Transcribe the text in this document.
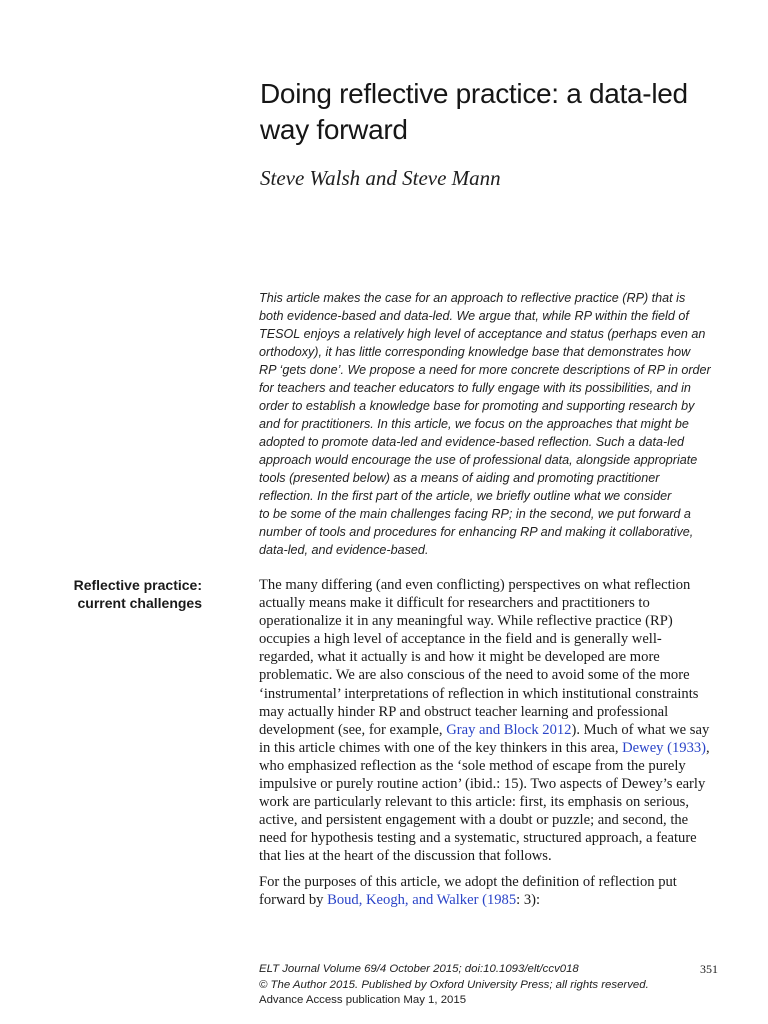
Doing reflective practice: a data-led way forward

Steve Walsh and Steve Mann

This article makes the case for an approach to reflective practice (RP) that is
both evidence-based and data-led. We argue that, while RP within the field of
TESOL enjoys a relatively high level of acceptance and status (perhaps even an
orthodoxy), it has little corresponding knowledge base that demonstrates how
RP ‘gets done’. We propose a need for more concrete descriptions of RP in order
for teachers and teacher educators to fully engage with its possibilities, and in
order to establish a knowledge base for promoting and supporting research by
and for practitioners. In this article, we focus on the approaches that might be
adopted to promote data-led and evidence-based reflection. Such a data-led
approach would encourage the use of professional data, alongside appropriate
tools (presented below) as a means of aiding and promoting practitioner
reflection. In the first part of the article, we briefly outline what we consider
to be some of the main challenges facing RP; in the second, we put forward a
number of tools and procedures for enhancing RP and making it collaborative,
data-led, and evidence-based.
Reflective practice:
current challenges

The many differing (and even conflicting) perspectives on what reflection
actually means make it difficult for researchers and practitioners to
operationalize it in any meaningful way. While reflective practice (RP)
occupies a high level of acceptance in the field and is generally well-
regarded, what it actually is and how it might be developed are more
problematic. We are also conscious of the need to avoid some of the more
‘instrumental’ interpretations of reflection in which institutional constraints
may actually hinder RP and obstruct teacher learning and professional
development (see, for example, Gray and Block 2012). Much of what we say
in this article chimes with one of the key thinkers in this area, Dewey (1933),
who emphasized reflection as the ‘sole method of escape from the purely
impulsive or purely routine action’ (ibid.: 15). Two aspects of Dewey’s early
work are particularly relevant to this article: first, its emphasis on serious,
active, and persistent engagement with a doubt or puzzle; and second, the
need for hypothesis testing and a systematic, structured approach, a feature
that lies at the heart of the discussion that follows.

For the purposes of this article, we adopt the definition of reflection put
forward by Boud, Keogh, and Walker (1985: 3):

ELT Journal Volume 69/4 October 2015; doi:10.1093/elt/ccv018
© The Author 2015. Published by Oxford University Press; all rights reserved.
Advance Access publication May 1, 2015

351
